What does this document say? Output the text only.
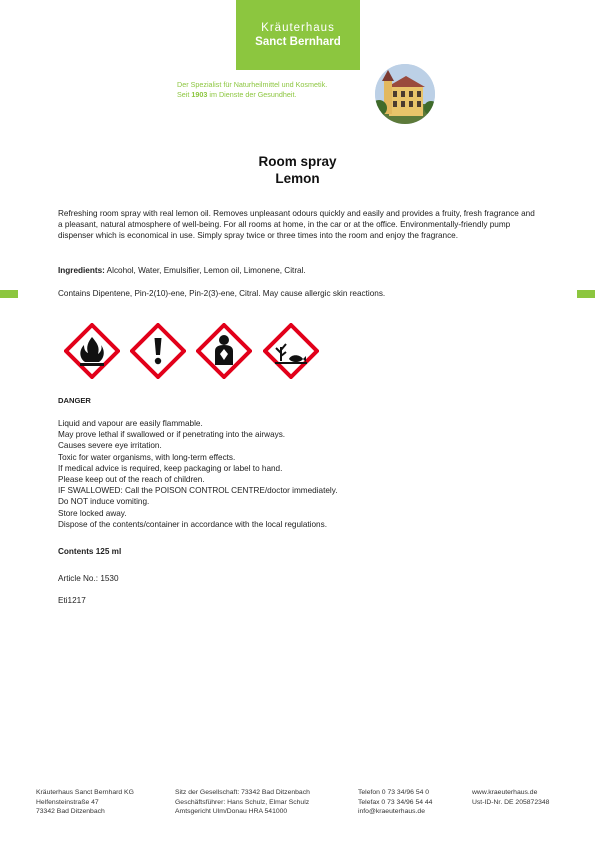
Kräuterhaus
Sanct Bernhard
Der Spezialist für Naturheilmittel und Kosmetik.
Seit 1903 im Dienste der Gesundheit.
Room spray
Lemon
Refreshing room spray with real lemon oil. Removes unpleasant odours quickly and easily and provides a fruity, fresh fragrance and a pleasant, natural atmosphere of well-being. For all rooms at home, in the car or at the office. Environmentally-friendly pump dispenser which is economical in use. Simply spray twice or three times into the room and enjoy the fragrance.
Ingredients: Alcohol, Water, Emulsifier, Lemon oil, Limonene, Citral.
Contains Dipentene, Pin-2(10)-ene, Pin-2(3)-ene, Citral. May cause allergic skin reactions.
DANGER
Liquid and vapour are easily flammable.
May prove lethal if swallowed or if penetrating into the airways.
Causes severe eye irritation.
Toxic for water organisms, with long-term effects.
If medical advice is required, keep packaging or label to hand.
Please keep out of the reach of children.
IF SWALLOWED: Call the POISON CONTROL CENTRE/doctor immediately.
Do NOT induce vomiting.
Store locked away.
Dispose of the contents/container in accordance with the local regulations.
Contents 125 ml
Article No.: 1530
Eti1217
Kräuterhaus Sanct Bernhard KG
Helfensteinstraße 47
73342 Bad Ditzenbach
Sitz der Gesellschaft: 73342 Bad Ditzenbach
Geschäftsführer: Hans Schulz, Elmar Schulz
Amtsgericht Ulm/Donau HRA 541000
Telefon 0 73 34/96 54 0
Telefax 0 73 34/96 54 44
info@kraeuterhaus.de
www.kraeuterhaus.de
Ust-ID-Nr. DE 205872348
